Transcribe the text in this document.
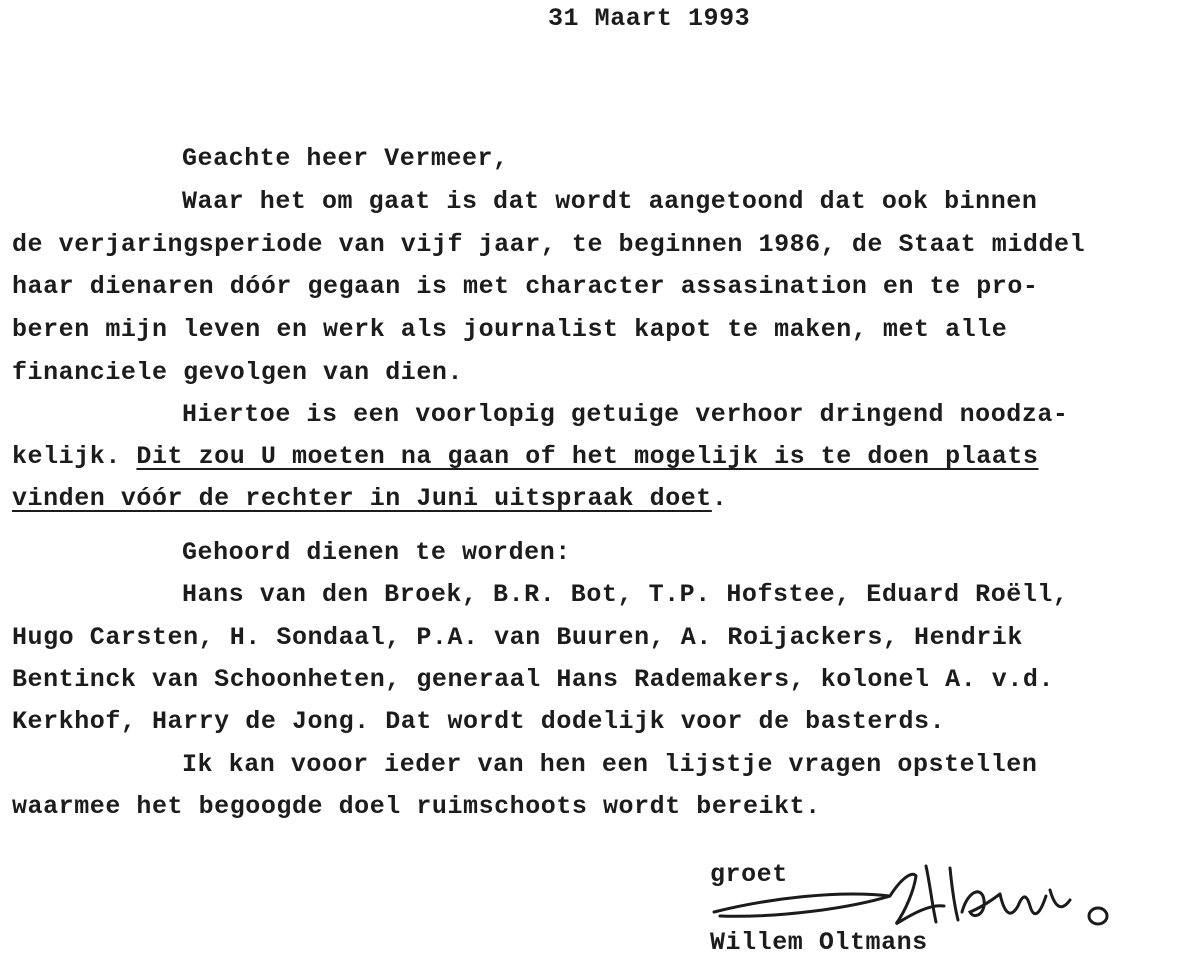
31 Maart 1993
Geachte heer Vermeer,
Waar het om gaat is dat wordt aangetoond dat ook binnen
de verjaringsperiode van vijf jaar, te beginnen 1986, de Staat middel
haar dienaren dóór gegaan is met character assasination en te pro-
beren mijn leven en werk als journalist kapot te maken, met alle
financiele gevolgen van dien.
Hiertoe is een voorlopig getuige verhoor dringend noodza-
kelijk. Dit zou U moeten na gaan of het mogelijk is te doen plaats
vinden vóór de rechter in Juni uitspraak doet.
Gehoord dienen te worden:
Hans van den Broek, B.R. Bot, T.P. Hofstee, Eduard Roëll,
Hugo Carsten, H. Sondaal, P.A. van Buuren, A. Roijackers, Hendrik
Bentinck van Schoonheten, generaal Hans Rademakers, kolonel A. v.d.
Kerkhof, Harry de Jong. Dat wordt dodelijk voor de basterds.
Ik kan vooor ieder van hen een lijstje vragen opstellen
waarmee het begoogde doel ruimschoots wordt bereikt.
groet
Willem Oltmans
